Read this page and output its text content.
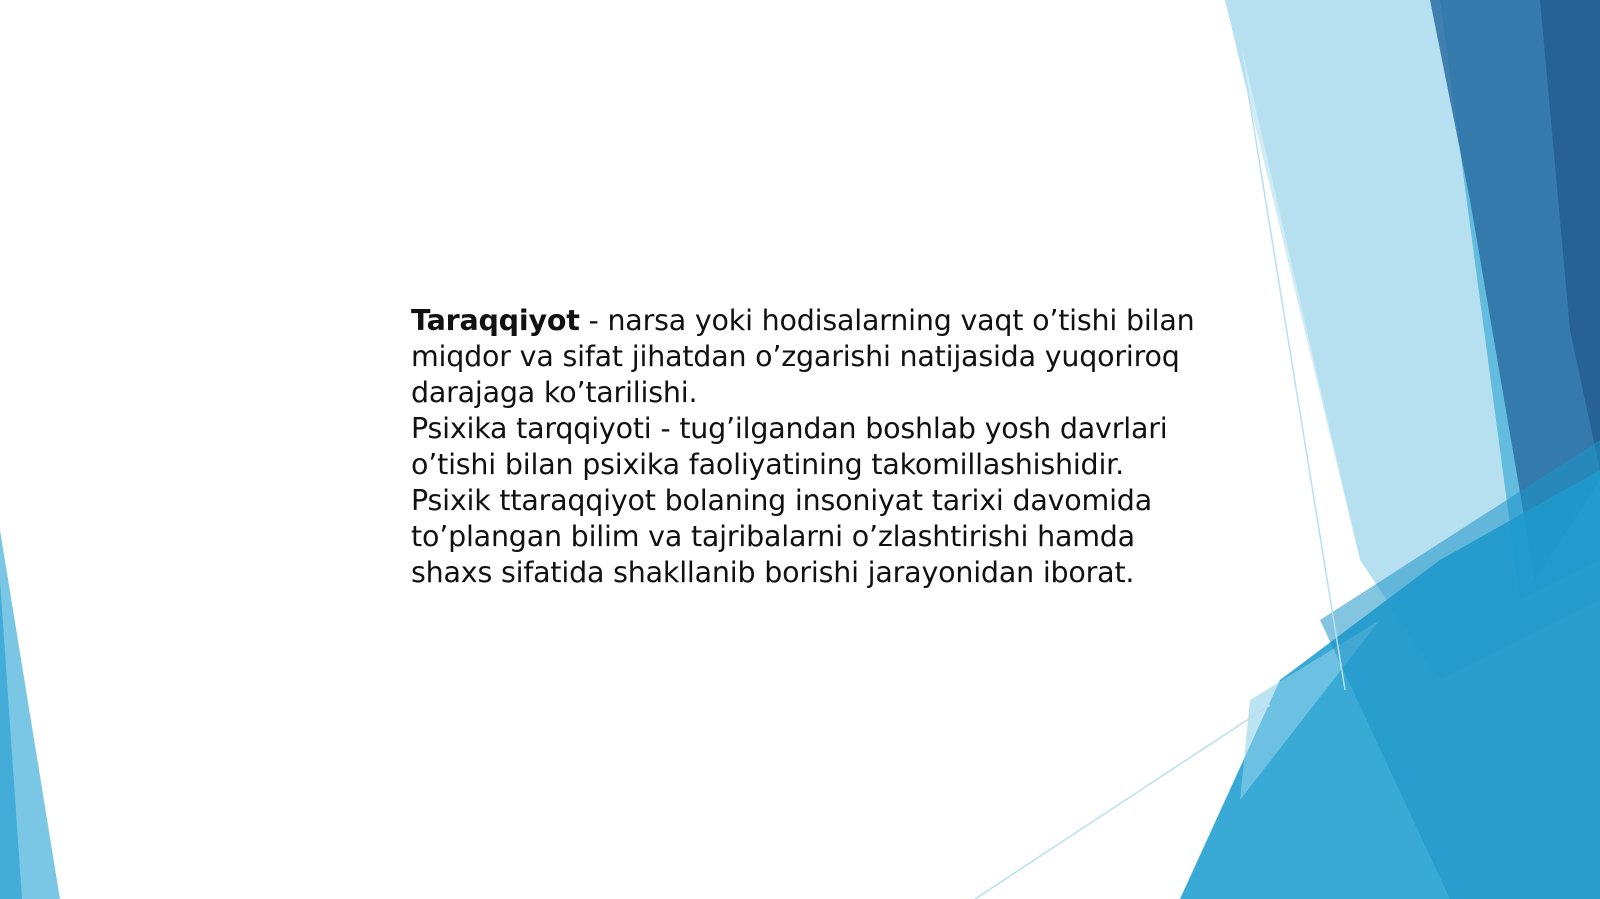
Taraqqiyot - narsa yoki hodisalarning vaqt o’tishi bilan miqdor va sifat jihatdan o’zgarishi natijasida yuqoriroq darajaga ko’tarilishi.

Psixika tarqqiyoti - tug’ilgandan boshlab yosh davrlari o’tishi bilan psixika faoliyatining takomillashishidir.

Psixik ttaraqqiyot bolaning insoniyat tarixi davomida to’plangan bilim va tajribalarni o’zlashtirishi hamda shaxs sifatida shakllanib borishi jarayonidan iborat.
